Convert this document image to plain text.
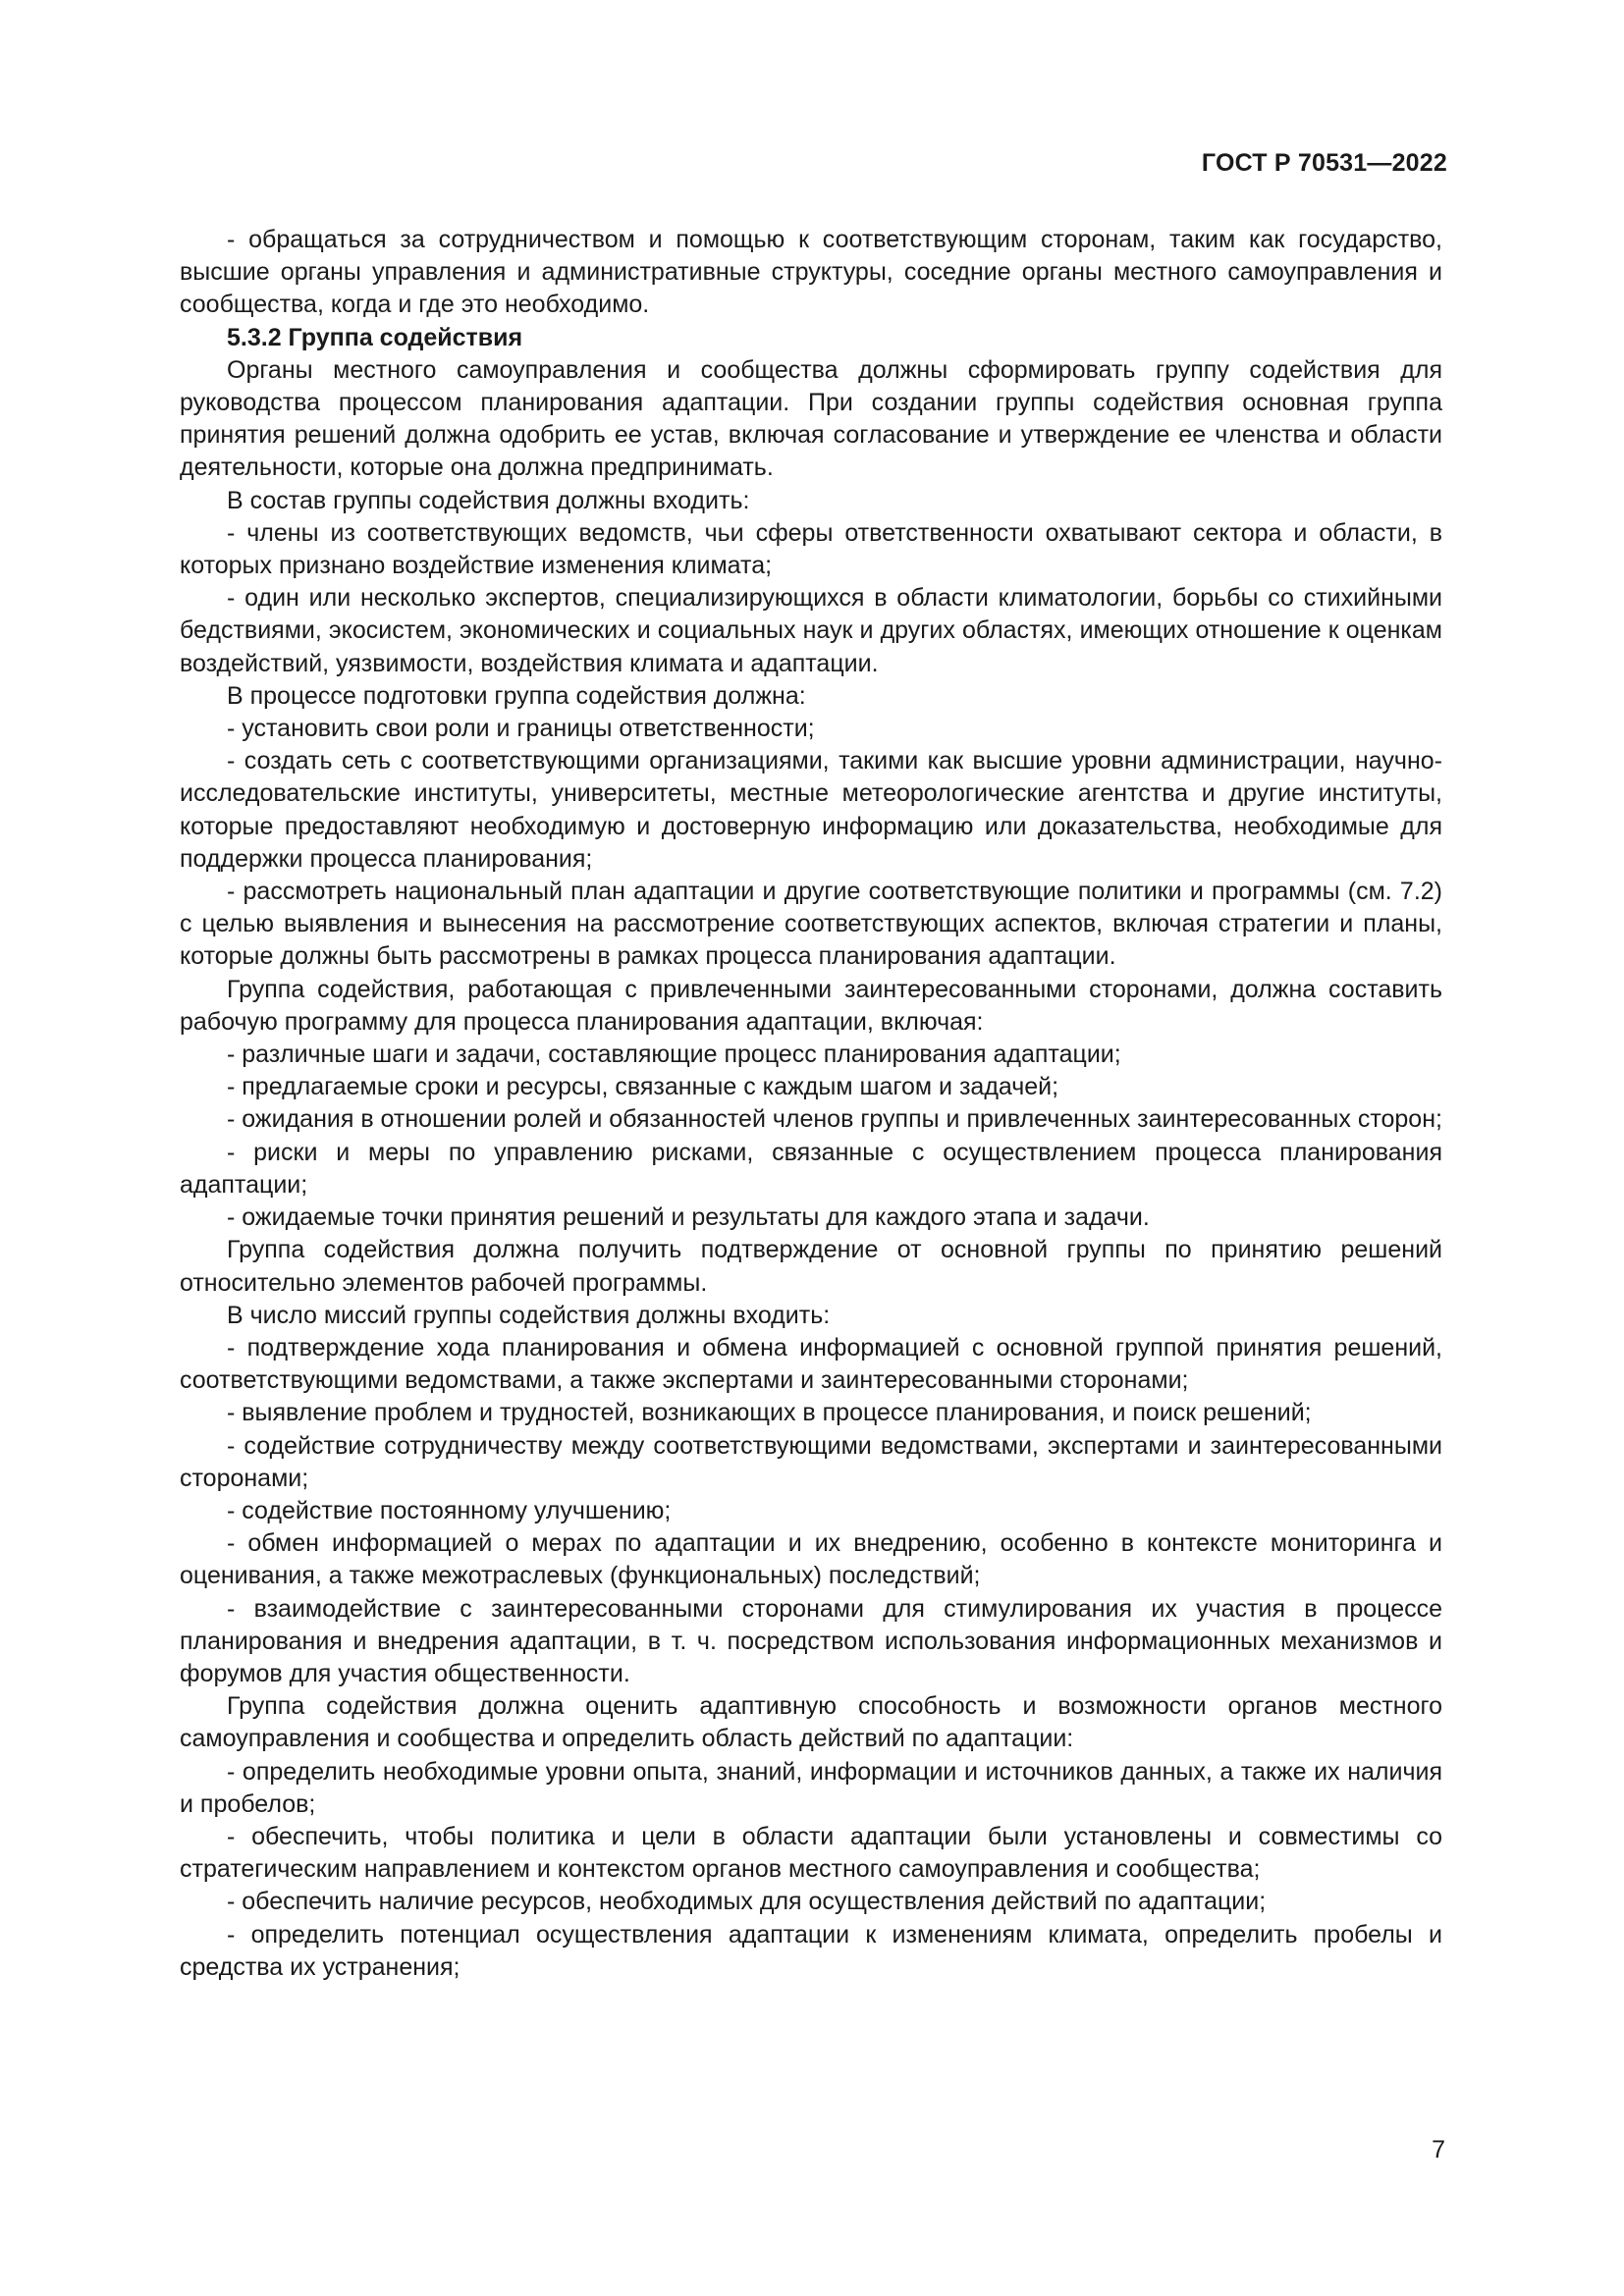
ГОСТ Р 70531—2022

- обращаться за сотрудничеством и помощью к соответствующим сторонам, таким как государство, высшие органы управления и административные структуры, соседние органы местного самоуправления и сообщества, когда и где это необходимо.

5.3.2 Группа содействия

Органы местного самоуправления и сообщества должны сформировать группу содействия для руководства процессом планирования адаптации. При создании группы содействия основная группа принятия решений должна одобрить ее устав, включая согласование и утверждение ее членства и области деятельности, которые она должна предпринимать.

В состав группы содействия должны входить:

- члены из соответствующих ведомств, чьи сферы ответственности охватывают сектора и области, в которых признано воздействие изменения климата;

- один или несколько экспертов, специализирующихся в области климатологии, борьбы со стихийными бедствиями, экосистем, экономических и социальных наук и других областях, имеющих отношение к оценкам воздействий, уязвимости, воздействия климата и адаптации.

В процессе подготовки группа содействия должна:

- установить свои роли и границы ответственности;

- создать сеть с соответствующими организациями, такими как высшие уровни администрации, научно-исследовательские институты, университеты, местные метеорологические агентства и другие институты, которые предоставляют необходимую и достоверную информацию или доказательства, необходимые для поддержки процесса планирования;

- рассмотреть национальный план адаптации и другие соответствующие политики и программы (см. 7.2) с целью выявления и вынесения на рассмотрение соответствующих аспектов, включая стратегии и планы, которые должны быть рассмотрены в рамках процесса планирования адаптации.

Группа содействия, работающая с привлеченными заинтересованными сторонами, должна составить рабочую программу для процесса планирования адаптации, включая:

- различные шаги и задачи, составляющие процесс планирования адаптации;

- предлагаемые сроки и ресурсы, связанные с каждым шагом и задачей;

- ожидания в отношении ролей и обязанностей членов группы и привлеченных заинтересованных сторон;

- риски и меры по управлению рисками, связанные с осуществлением процесса планирования адаптации;

- ожидаемые точки принятия решений и результаты для каждого этапа и задачи.

Группа содействия должна получить подтверждение от основной группы по принятию решений относительно элементов рабочей программы.

В число миссий группы содействия должны входить:

- подтверждение хода планирования и обмена информацией с основной группой принятия решений, соответствующими ведомствами, а также экспертами и заинтересованными сторонами;

- выявление проблем и трудностей, возникающих в процессе планирования, и поиск решений;

- содействие сотрудничеству между соответствующими ведомствами, экспертами и заинтересованными сторонами;

- содействие постоянному улучшению;

- обмен информацией о мерах по адаптации и их внедрению, особенно в контексте мониторинга и оценивания, а также межотраслевых (функциональных) последствий;

- взаимодействие с заинтересованными сторонами для стимулирования их участия в процессе планирования и внедрения адаптации, в т. ч. посредством использования информационных механизмов и форумов для участия общественности.

Группа содействия должна оценить адаптивную способность и возможности органов местного самоуправления и сообщества и определить область действий по адаптации:

- определить необходимые уровни опыта, знаний, информации и источников данных, а также их наличия и пробелов;

- обеспечить, чтобы политика и цели в области адаптации были установлены и совместимы со стратегическим направлением и контекстом органов местного самоуправления и сообщества;

- обеспечить наличие ресурсов, необходимых для осуществления действий по адаптации;

- определить потенциал осуществления адаптации к изменениям климата, определить пробелы и средства их устранения;

7
